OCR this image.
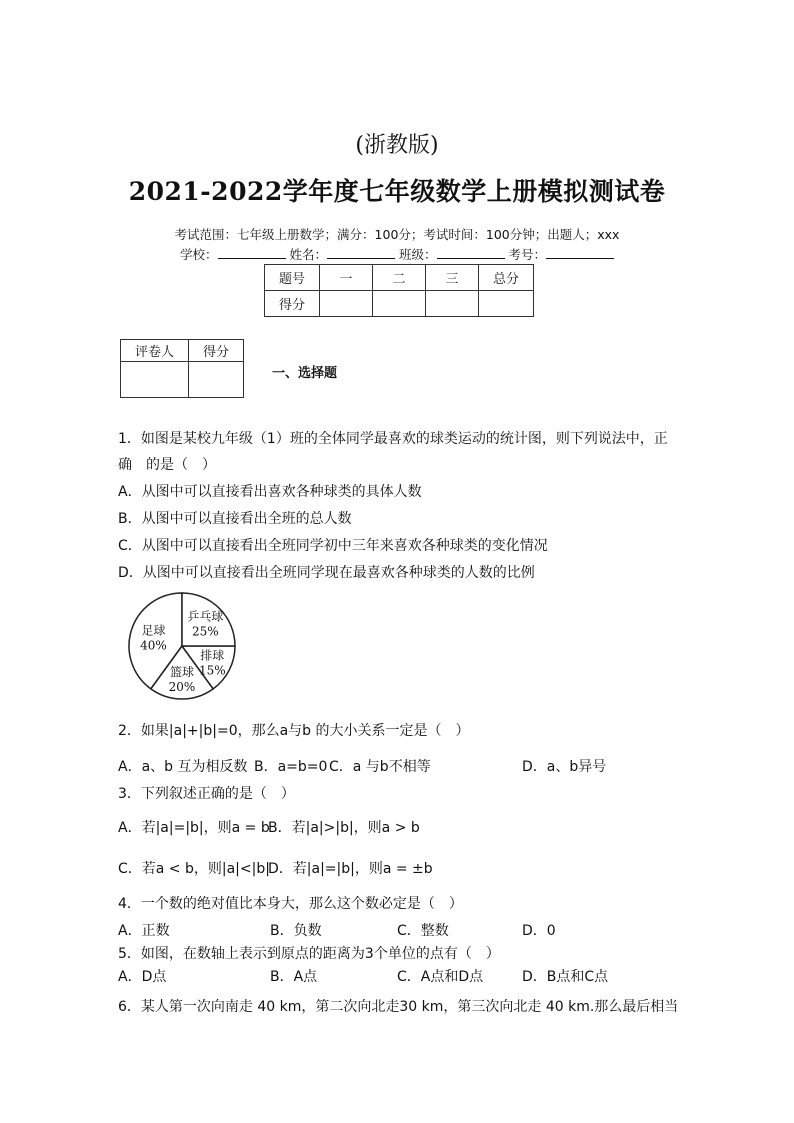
(浙教版)
2021-2022学年度七年级数学上册模拟测试卷
考试范围：七年级上册数学；满分：100分；考试时间：100分钟；出题人；xxx
学校：	姓名：	班级：	考号：
题号	一	二	三	总分
得分				
评卷人	得分

一、选择题
1．如图是某校九年级（1）班的全体同学最喜欢的球类运动的统计图，则下列说法中，正
确　的是（　）
A．从图中可以直接看出喜欢各种球类的具体人数
B．从图中可以直接看出全班的总人数
C．从图中可以直接看出全班同学初中三年来喜欢各种球类的变化情况
D．从图中可以直接看出全班同学现在最喜欢各种球类的人数的比例
足球
40%
乒乓球
25%
排球
15%
篮球
20%
2．如果|a|+|b|=0，那么a与b 的大小关系一定是（　）
A．a、b 互为相反数 B．a=b=0 C．a 与b不相等	D．a、b异号
3．下列叙述正确的是（　）
A．若|a|=|b|，则a = b
B．若|a|>|b|，则a > b
C．若a < b，则|a|<|b|
D．若|a|=|b|，则a = ±b
4．一个数的绝对值比本身大，那么这个数必定是（　）
A．正数	B．负数	C．整数	D．0
5．如图，在数轴上表示到原点的距离为3个单位的点有（　）
A．D点	B．A点	C．A点和D点	D．B点和C点
6．某人第一次向南走 40 km，第二次向北走30 km，第三次向北走 40 km.那么最后相当
